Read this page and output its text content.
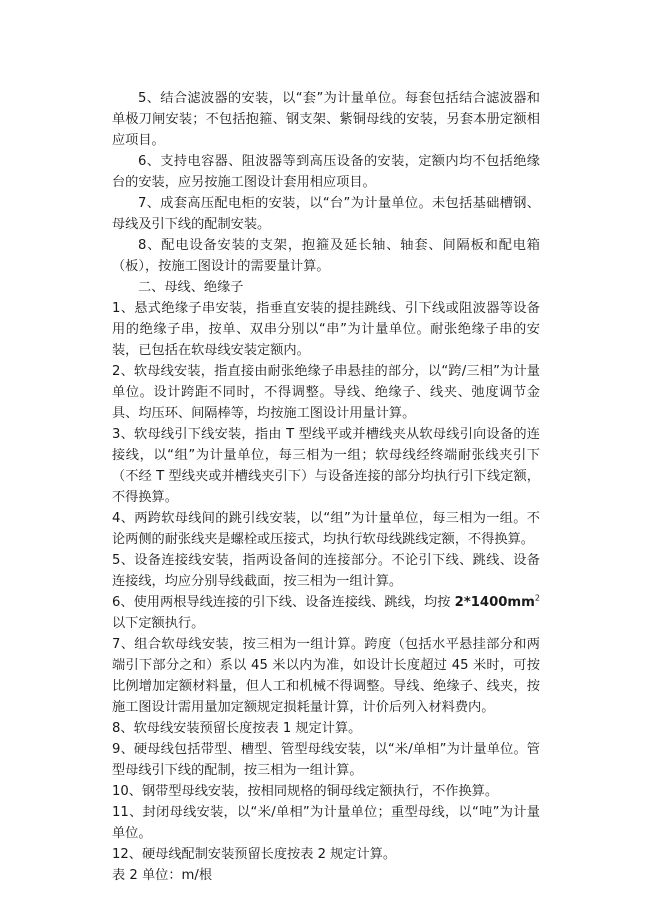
5、结合滤波器的安装，以“套”为计量单位。每套包括结合滤波器和单极刀闸安装；不包括抱箍、钢支架、紫铜母线的安装，另套本册定额相应项目。

6、支持电容器、阻波器等到高压设备的安装，定额内均不包括绝缘台的安装，应另按施工图设计套用相应项目。

7、成套高压配电柜的安装，以“台”为计量单位。未包括基础槽钢、母线及引下线的配制安装。

8、配电设备安装的支架，抱箍及延长轴、轴套、间隔板和配电箱（板），按施工图设计的需要量计算。

二、母线、绝缘子

1、悬式绝缘子串安装，指垂直安装的提挂跳线、引下线或阻波器等设备用的绝缘子串，按单、双串分别以“串”为计量单位。耐张绝缘子串的安装，已包括在软母线安装定额内。

2、软母线安装，指直接由耐张绝缘子串悬挂的部分，以“跨/三相”为计量单位。设计跨距不同时，不得调整。导线、绝缘子、线夹、弛度调节金具、均压环、间隔棒等，均按施工图设计用量计算。

3、软母线引下线安装，指由 T 型线平或并槽线夹从软母线引向设备的连接线，以“组”为计量单位，每三相为一组；软母线经终端耐张线夹引下（不经 T 型线夹或并槽线夹引下）与设备连接的部分均执行引下线定额，不得换算。

4、两跨软母线间的跳引线安装，以“组”为计量单位，每三相为一组。不论两侧的耐张线夹是螺栓或压接式，均执行软母线跳线定额，不得换算。

5、设备连接线安装，指两设备间的连接部分。不论引下线、跳线、设备连接线，均应分别导线截面，按三相为一组计算。

6、使用两根导线连接的引下线、设备连接线、跳线，均按 $2*1400mm^2$ 以下定额执行。

7、组合软母线安装，按三相为一组计算。跨度（包括水平悬挂部分和两端引下部分之和）系以 45 米以内为准，如设计长度超过 45 米时，可按比例增加定额材料量，但人工和机械不得调整。导线、绝缘子、线夹，按施工图设计需用量加定额规定损耗量计算，计价后列入材料费内。

8、软母线安装预留长度按表 1 规定计算。

9、硬母线包括带型、槽型、管型母线安装，以“米/单相”为计量单位。管型母线引下线的配制，按三相为一组计算。

10、钢带型母线安装，按相同规格的铜母线定额执行，不作换算。

11、封闭母线安装，以“米/单相”为计量单位；重型母线，以“吨”为计量单位。

12、硬母线配制安装预留长度按表 2 规定计算。

表 2 单位：m/根
